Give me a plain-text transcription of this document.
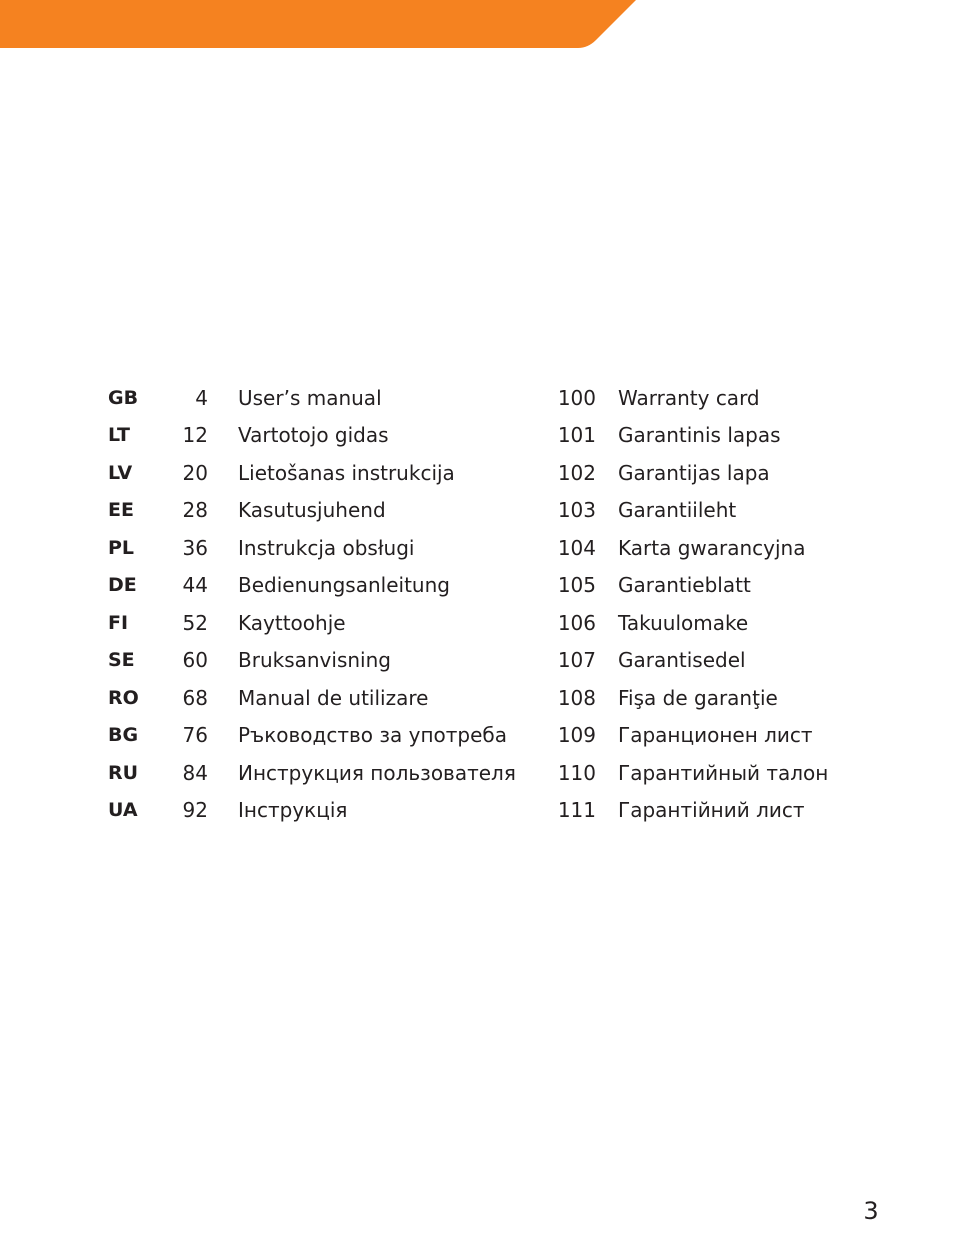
GB	4 User’s manual	100 Warranty card
LT	12 Vartotojo gidas	101 Garantinis lapas
LV	20 Lietošanas instrukcija	102 Garantijas lapa
EE	28 Kasutusjuhend	103 Garantiileht
PL	36 Instrukcja obsługi	104 Karta gwarancyjna
DE	44 Bedienungsanleitung	105 Garantieblatt
FI	52 Kayttoohje	106 Takuulomake
SE	60 Bruksanvisning	107 Garantisedel
RO	68 Manual de utilizare	108 Fişa de garanţie
BG	76 Ръководство за употреба	109 Гаранционен лист
RU	84 Инструкция пользователя	110 Гарантийный талон
UA	92 Інструкція	111 Гарантійний лист
3
